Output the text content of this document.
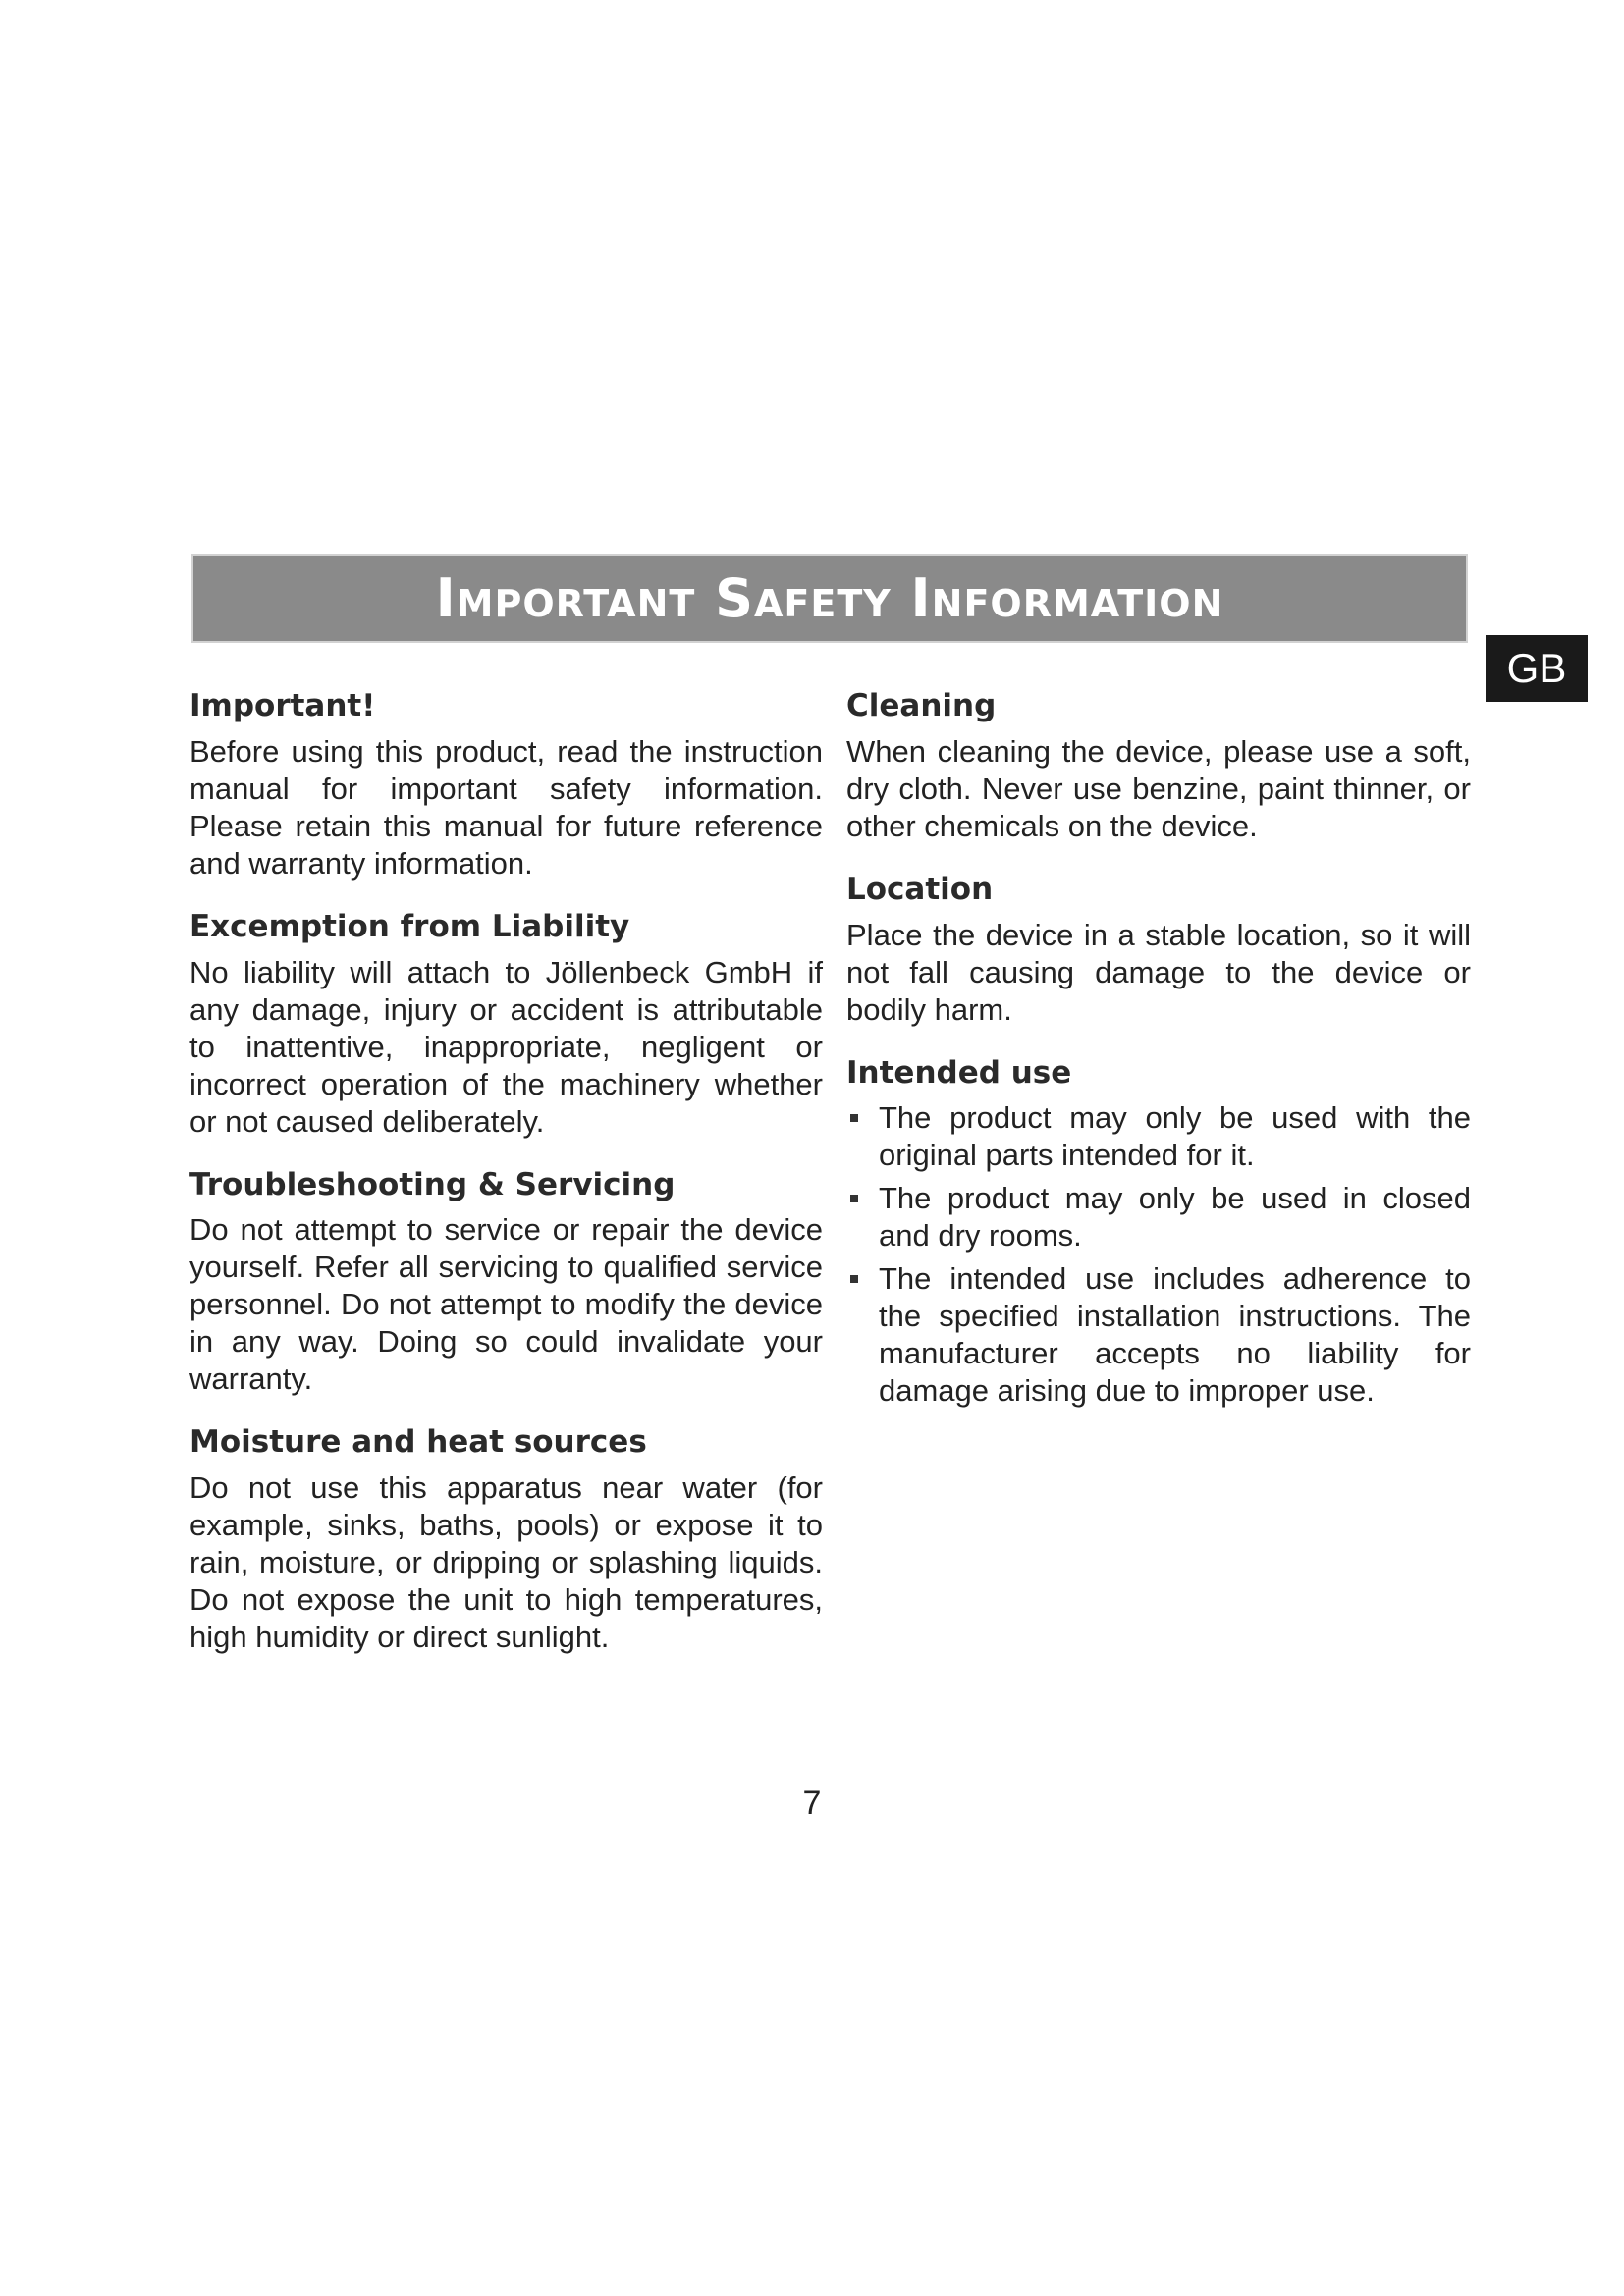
Important Safety Information
GB
Important!

Before using this product, read the instruction manual for important safety information. Please retain this manual for future reference and warranty information.

Excemption from Liability

No liability will attach to Jöllenbeck GmbH if any damage, injury or accident is attributable to inattentive, inappropriate, negligent or incorrect operation of the machinery whether or not caused deliberately.

Troubleshooting & Servicing

Do not attempt to service or repair the device yourself. Refer all servicing to qualified service personnel. Do not attempt to modify the device in any way. Doing so could invalidate your warranty.

Moisture and heat sources

Do not use this apparatus near water (for example, sinks, baths, pools) or expose it to rain, moisture, or dripping or splashing liquids. Do not expose the unit to high temperatures, high humidity or direct sunlight.

Cleaning

When cleaning the device, please use a soft, dry cloth. Never use benzine, paint thinner, or other chemicals on the device.

Location

Place the device in a stable location, so it will not fall causing damage to the device or bodily harm.

Intended use
The product may only be used with the original parts intended for it.
The product may only be used in closed and dry rooms.
The intended use includes adherence to the specified installation instructions. The manufacturer accepts no liability for damage arising due to improper use.
7
